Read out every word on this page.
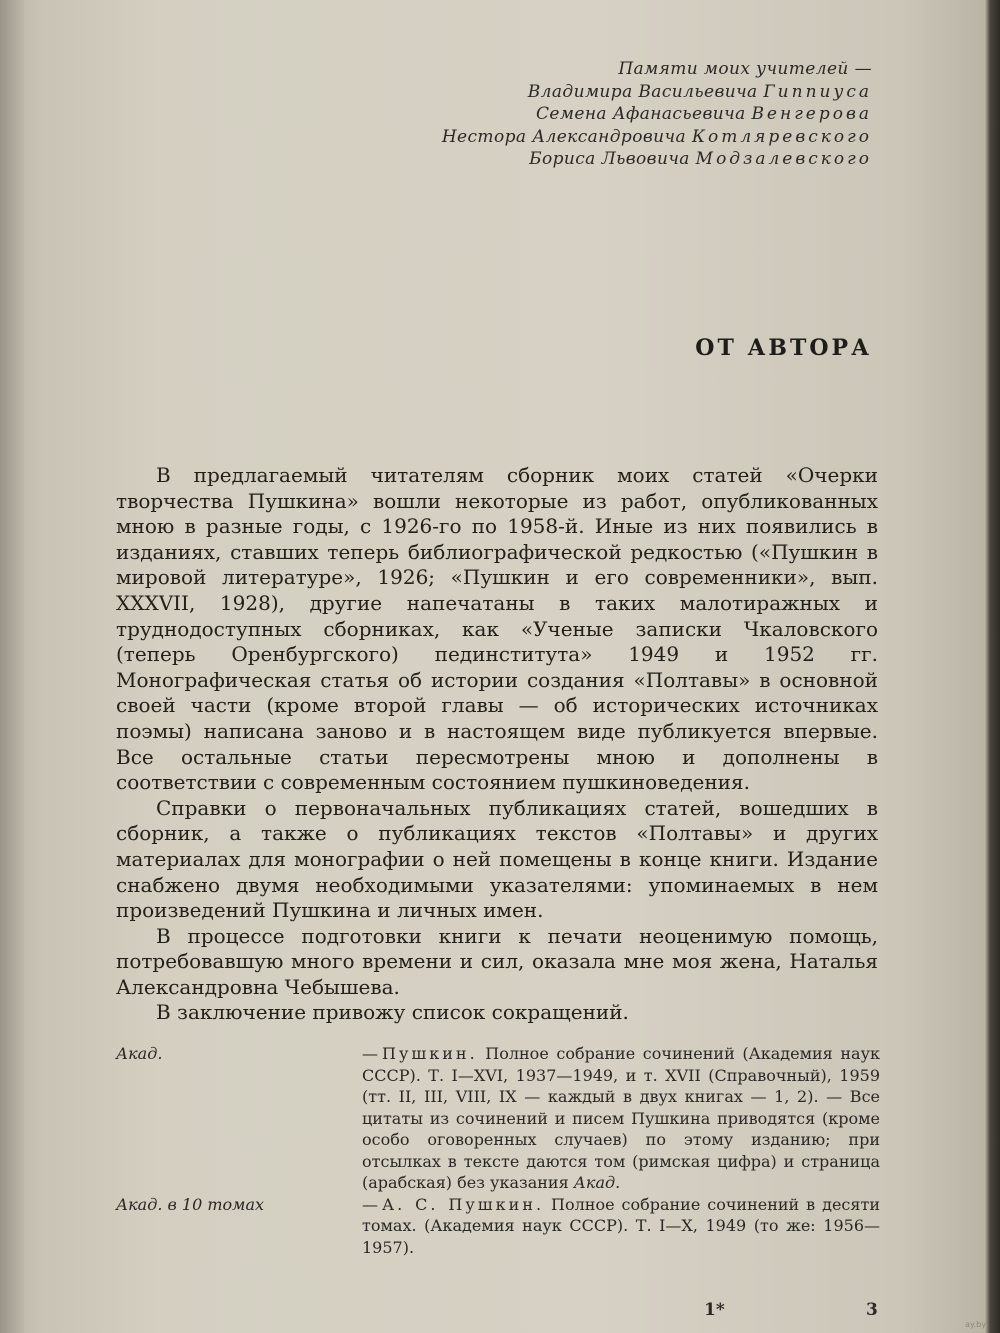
Памяти моих учителей —
Владимира Васильевича Гиппиуса
Семена Афанасьевича Венгерова
Нестора Александровича Котляревского
Бориса Львовича Модзалевского
ОТ АВТОРА

В предлагаемый читателям сборник моих статей «Очерки творчества Пушкина» вошли некоторые из работ, опубликованных мною в разные годы, с 1926-го по 1958-й. Иные из них появились в изданиях, ставших теперь библиографической редкостью («Пушкин в мировой литературе», 1926; «Пушкин и его современники», вып. XXXVII, 1928), другие напечатаны в таких малотиражных и труднодоступных сборниках, как «Ученые записки Чкаловского (теперь Оренбургского) пединститута» 1949 и 1952 гг. Монографическая статья об истории создания «Полтавы» в основной своей части (кроме второй главы — об исторических источниках поэмы) написана заново и в настоящем виде публикуется впервые. Все остальные статьи пересмотрены мною и дополнены в соответствии с современным состоянием пушкиноведения.

Справки о первоначальных публикациях статей, вошедших в сборник, а также о публикациях текстов «Полтавы» и других материалах для монографии о ней помещены в конце книги. Издание снабжено двумя необходимыми указателями: упоминаемых в нем произведений Пушкина и личных имен.

В процессе подготовки книги к печати неоценимую помощь, потребовавшую много времени и сил, оказала мне моя жена, Наталья Александровна Чебышева.

В заключение привожу список сокращений.

Акад.	— Пушкин. Полное собрание сочинений (Академия наук СССР). Т. I—XVI, 1937—1949, и т. XVII (Справочный), 1959 (тт. II, III, VIII, IX — каждый в двух книгах — 1, 2). — Все цитаты из сочинений и писем Пушкина приводятся (кроме особо оговоренных случаев) по этому изданию; при отсылках в тексте даются том (римская цифра) и страница (арабская) без указания Акад.
Акад. в 10 томах	— А. С. Пушкин. Полное собрание сочинений в десяти томах. (Академия наук СССР). Т. I—X, 1949 (то же: 1956—1957).
1*	3
ay.by
